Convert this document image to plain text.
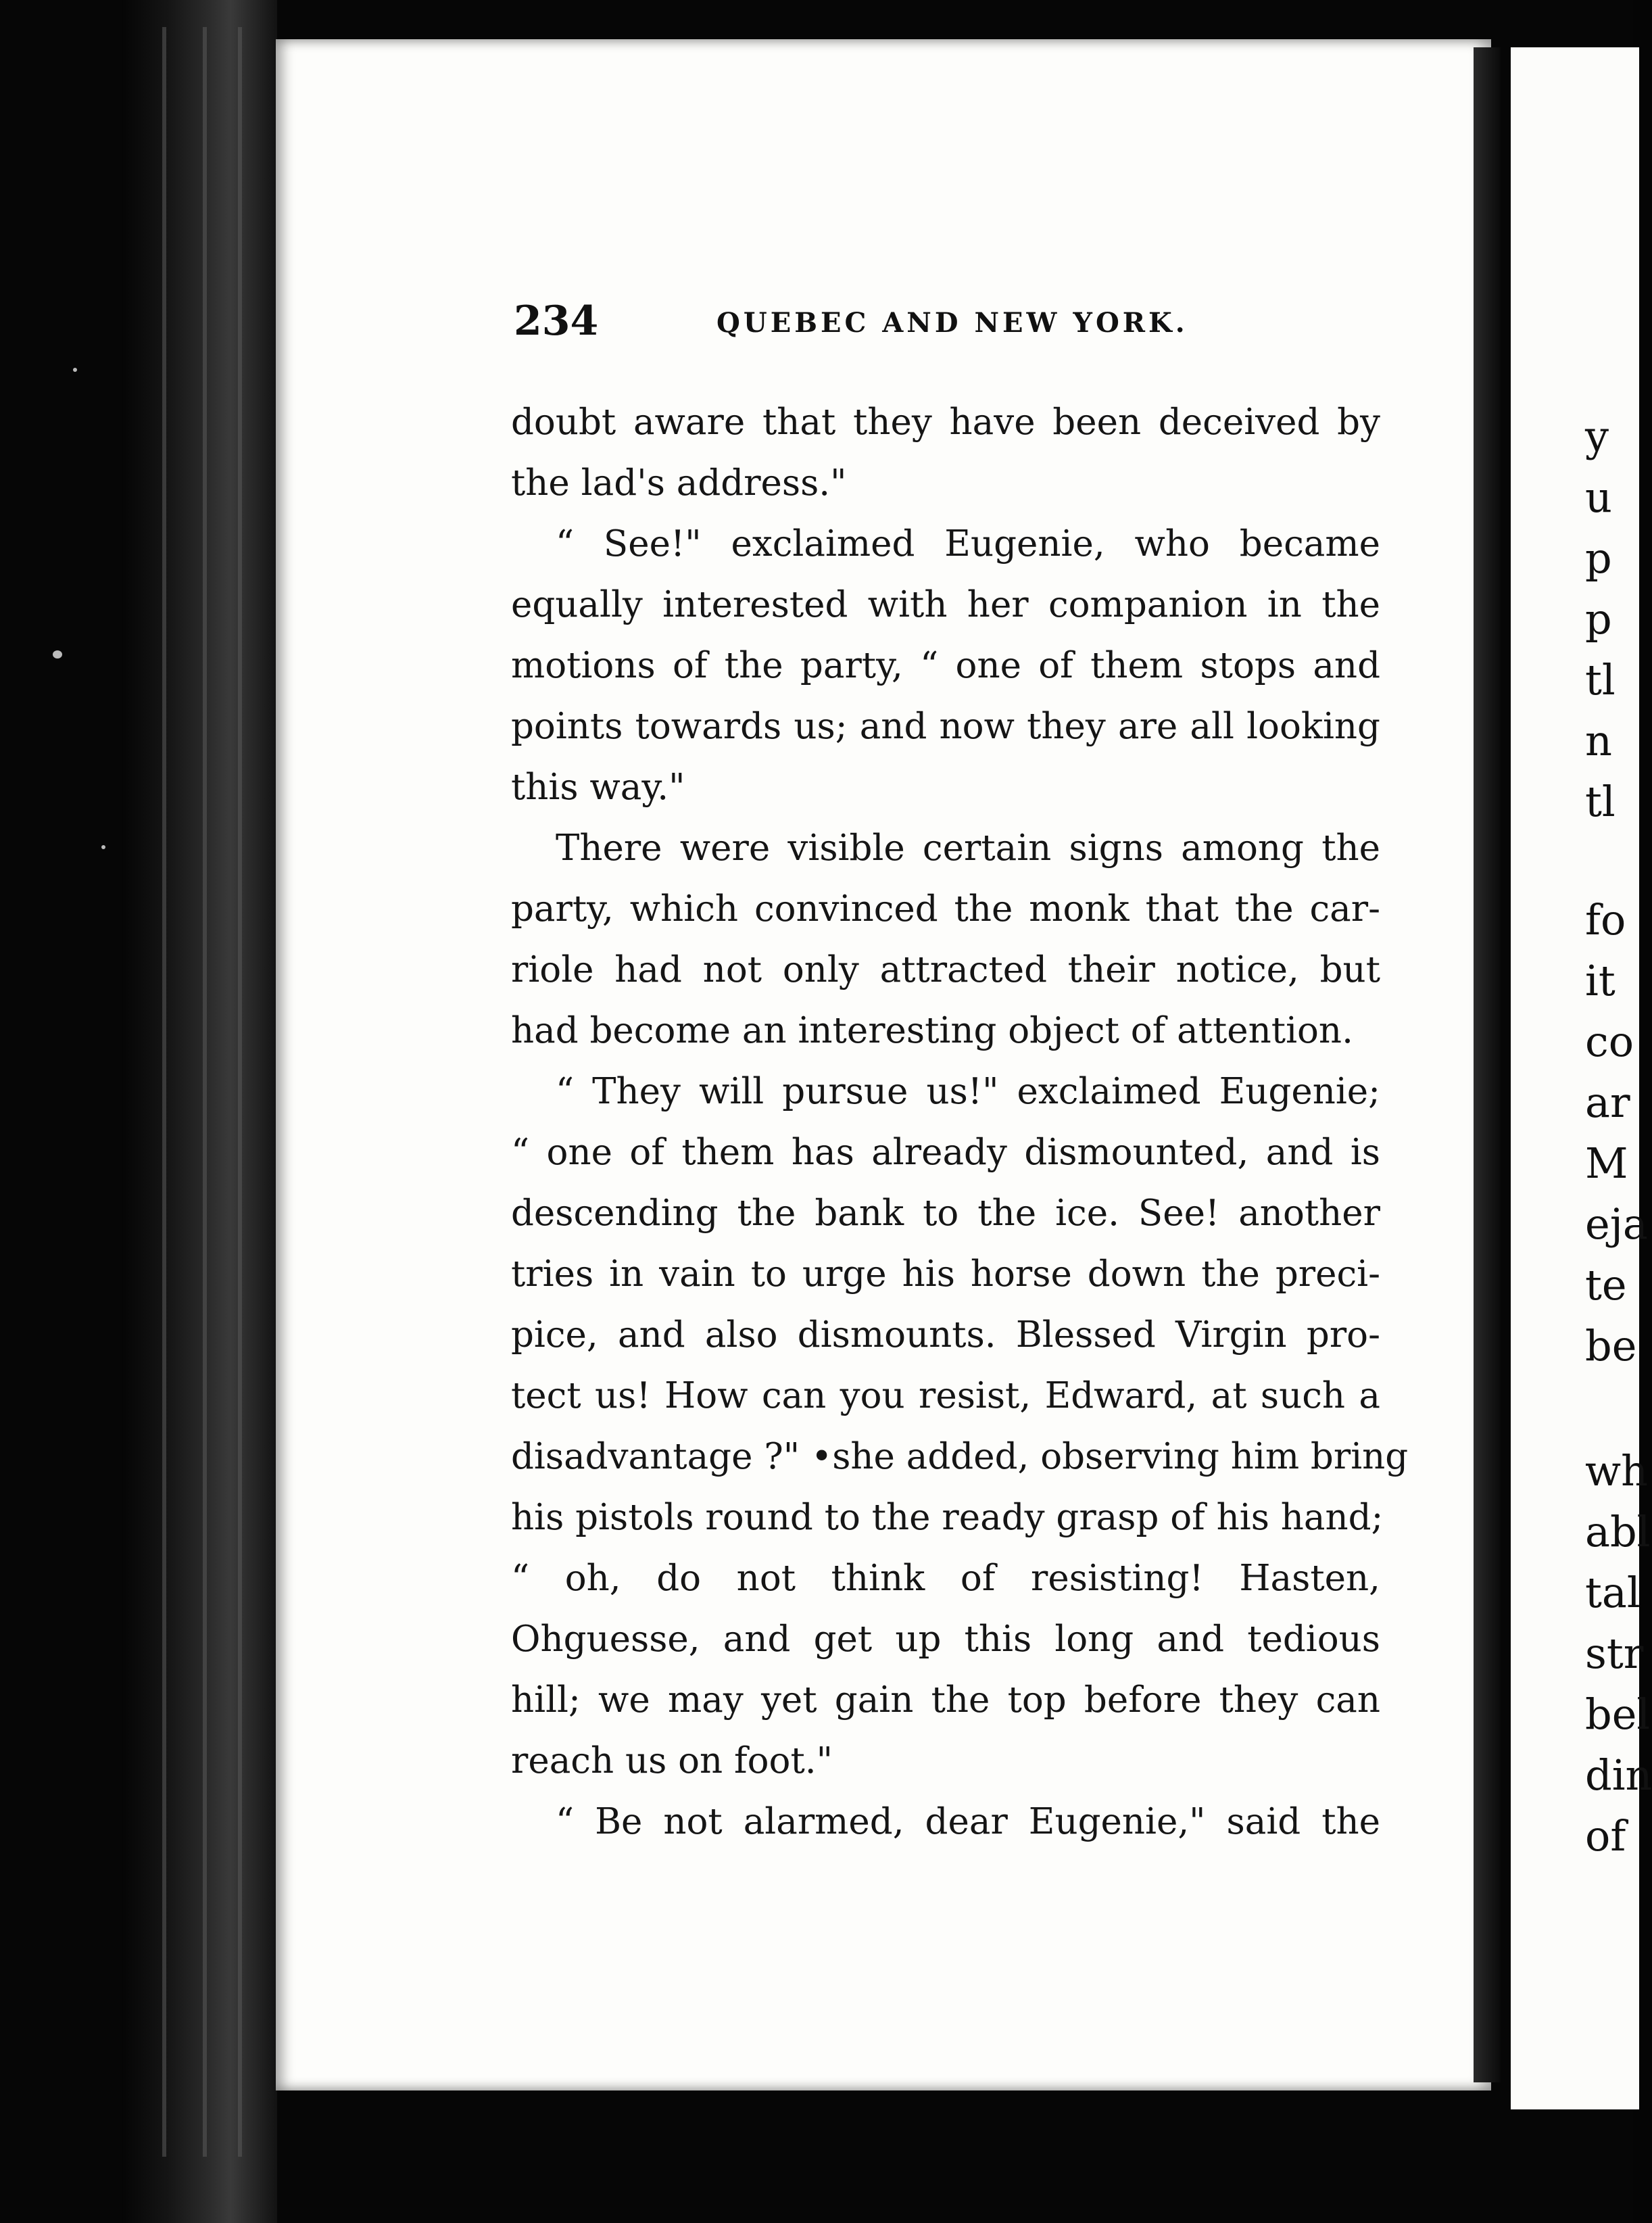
234	QUEBEC AND NEW YORK.
doubt aware that they have been deceived by
the lad's address."
“ See!" exclaimed Eugenie, who became
equally interested with her companion in the
motions of the party, “ one of them stops and
points towards us; and now they are all looking
this way."
There were visible certain signs among the
party, which convinced the monk that the car-
riole had not only attracted their notice, but
had become an interesting object of attention.
“ They will pursue us!" exclaimed Eugenie;
“ one of them has already dismounted, and is
descending the bank to the ice. See! another
tries in vain to urge his horse down the preci-
pice, and also dismounts. Blessed Virgin pro-
tect us! How can you resist, Edward, at such a
disadvantage ?" •she added, observing him bring
his pistols round to the ready grasp of his hand;
“ oh, do not think of resisting! Hasten,
Ohguesse, and get up this long and tedious
hill; we may yet gain the top before they can
reach us on foot."
“ Be not alarmed, dear Eugenie," said the
y
u
p
p
tl
n
tl
fo
it
co
ar
M
eja
te
be
wh
abl
tal
str
bel
din
of
